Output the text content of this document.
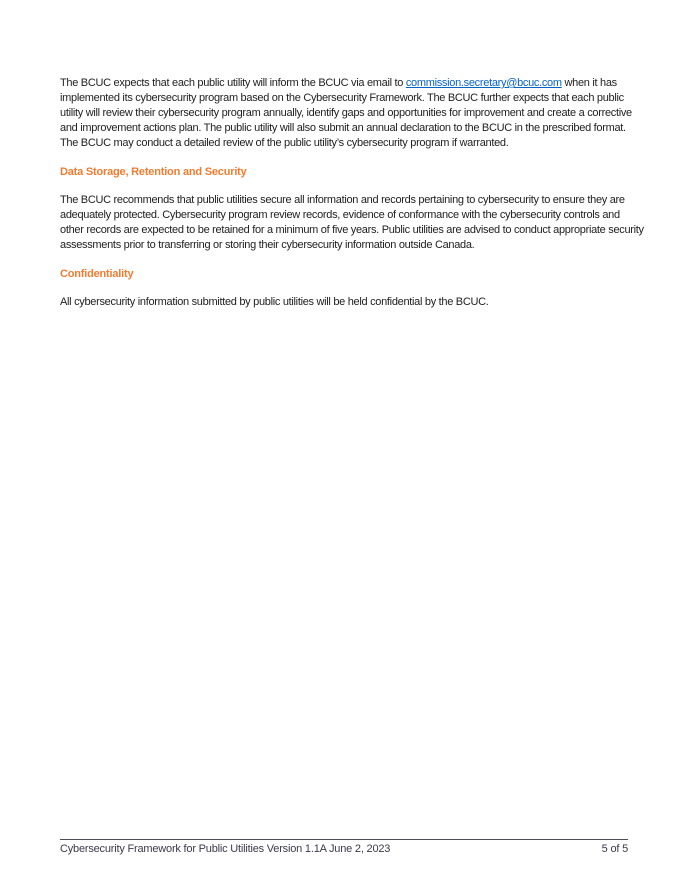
The BCUC expects that each public utility will inform the BCUC via email to commission.secretary@bcuc.com when it has implemented its cybersecurity program based on the Cybersecurity Framework. The BCUC further expects that each public utility will review their cybersecurity program annually, identify gaps and opportunities for improvement and create a corrective and improvement actions plan. The public utility will also submit an annual declaration to the BCUC in the prescribed format. The BCUC may conduct a detailed review of the public utility’s cybersecurity program if warranted.

Data Storage, Retention and Security

The BCUC recommends that public utilities secure all information and records pertaining to cybersecurity to ensure they are adequately protected. Cybersecurity program review records, evidence of conformance with the cybersecurity controls and other records are expected to be retained for a minimum of five years. Public utilities are advised to conduct appropriate security assessments prior to transferring or storing their cybersecurity information outside Canada.

Confidentiality

All cybersecurity information submitted by public utilities will be held confidential by the BCUC.

Cybersecurity Framework for Public Utilities Version 1.1A June 2, 2023	5 of 5
